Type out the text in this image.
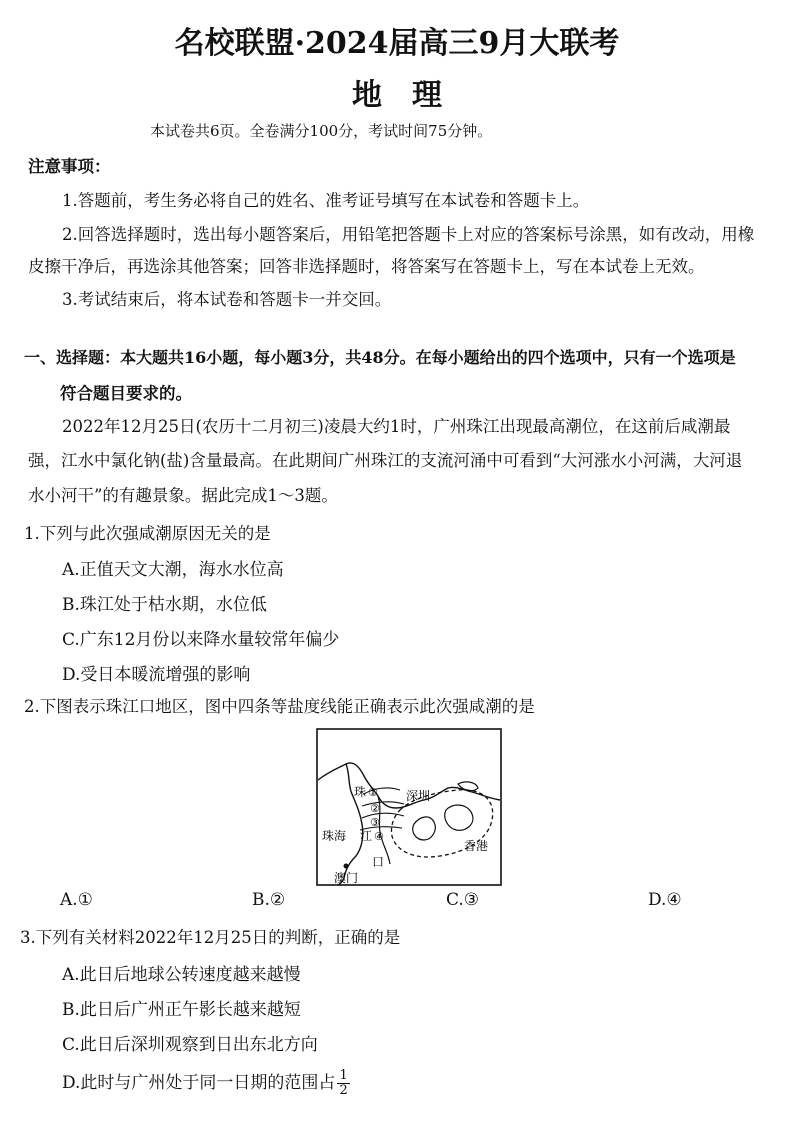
名校联盟·2024届高三9月大联考
地理
本试卷共6页。全卷满分100分，考试时间75分钟。
注意事项：
1.答题前，考生务必将自己的姓名、准考证号填写在本试卷和答题卡上。
2.回答选择题时，选出每小题答案后，用铅笔把答题卡上对应的答案标号涂黑，如有改动，用橡
皮擦干净后，再选涂其他答案；回答非选择题时，将答案写在答题卡上，写在本试卷上无效。
3.考试结束后，将本试卷和答题卡一并交回。
一、选择题：本大题共16小题，每小题3分，共48分。在每小题给出的四个选项中，只有一个选项是
符合题目要求的。
2022年12月25日(农历十二月初三)凌晨大约1时，广州珠江出现最高潮位，在这前后咸潮最
强，江水中氯化钠(盐)含量最高。在此期间广州珠江的支流河涌中可看到“大河涨水小河满，大河退
水小河干”的有趣景象。据此完成1～3题。
1.下列与此次强咸潮原因无关的是
A.正值天文大潮，海水水位高
B.珠江处于枯水期，水位低
C.广东12月份以来降水量较常年偏少
D.受日本暖流增强的影响
2.下图表示珠江口地区，图中四条等盐度线能正确表示此次强咸潮的是
珠 ①
②
③
江 ④
深圳
珠海
口
香港
澳门
A.①	B.②	C.③	D.④
3.下列有关材料2022年12月25日的判断，正确的是
A.此日后地球公转速度越来越慢
B.此日后广州正午影长越来越短
C.此日后深圳观察到日出东北方向
D.此时与广州处于同一日期的范围占 $\frac{1}{2}$
